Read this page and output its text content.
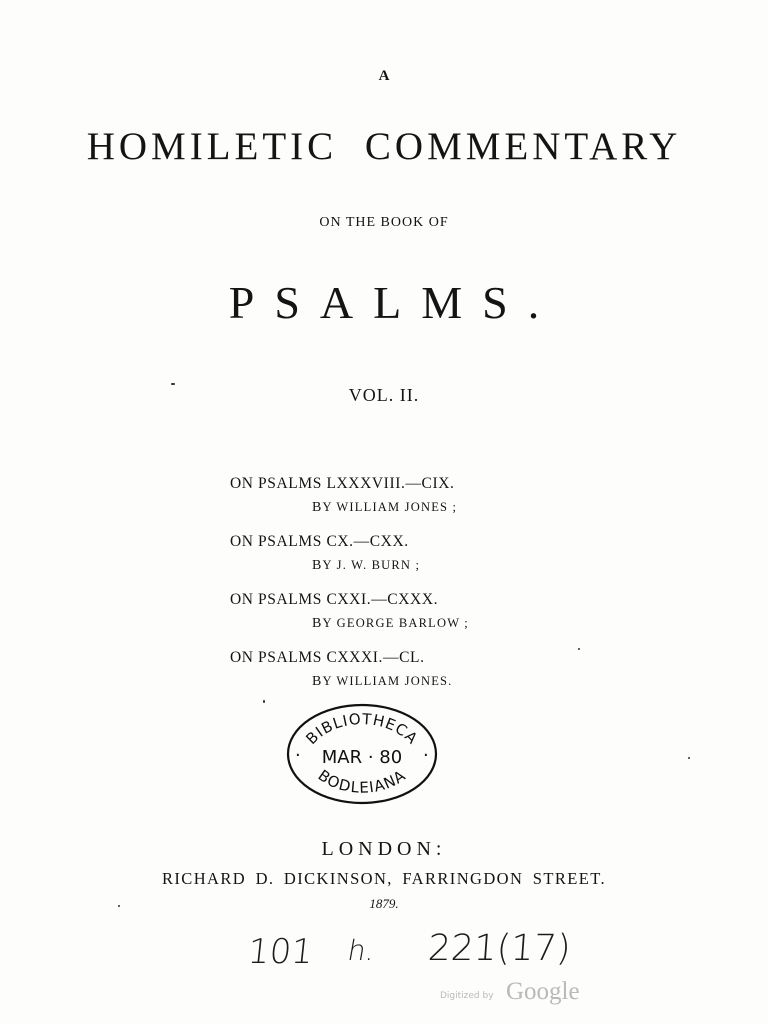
A
HOMILETIC COMMENTARY
ON THE BOOK OF
PSALMS.
VOL. II.
ON PSALMS LXXXVIII.—CIX.
BY WILLIAM JONES ;
ON PSALMS CX.—CXX.
BY J. W. BURN ;
ON PSALMS CXXI.—CXXX.
BY GEORGE BARLOW ;
ON PSALMS CXXXI.—CL.
BY WILLIAM JONES.
BIBLIOTHECA
MAR · 80
·	·
BODLEIANA
LONDON:
RICHARD D. DICKINSON, FARRINGDON STREET.
1879.
101 h. 221(17)
Digitized by Google
